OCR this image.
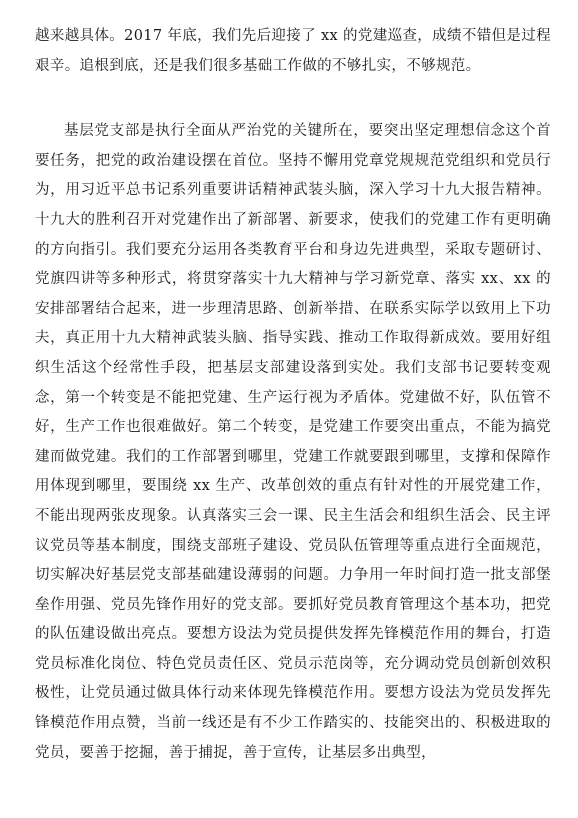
越来越具体。2017 年底，我们先后迎接了 xx 的党建巡查，成绩不错但是过程艰辛。追根到底，还是我们很多基础工作做的不够扎实，不够规范。

基层党支部是执行全面从严治党的关键所在，要突出坚定理想信念这个首要任务，把党的政治建设摆在首位。坚持不懈用党章党规规范党组织和党员行为，用习近平总书记系列重要讲话精神武装头脑，深入学习十九大报告精神。十九大的胜利召开对党建作出了新部署、新要求，使我们的党建工作有更明确的方向指引。我们要充分运用各类教育平台和身边先进典型，采取专题研讨、党旗四讲等多种形式，将贯穿落实十九大精神与学习新党章、落实 xx、xx 的安排部署结合起来，进一步理清思路、创新举措、在联系实际学以致用上下功夫，真正用十九大精神武装头脑、指导实践、推动工作取得新成效。要用好组织生活这个经常性手段，把基层支部建设落到实处。我们支部书记要转变观念，第一个转变是不能把党建、生产运行视为矛盾体。党建做不好，队伍管不好，生产工作也很难做好。第二个转变，是党建工作要突出重点，不能为搞党建而做党建。我们的工作部署到哪里，党建工作就要跟到哪里，支撑和保障作用体现到哪里，要围绕 xx 生产、改革创效的重点有针对性的开展党建工作，不能出现两张皮现象。认真落实三会一课、民主生活会和组织生活会、民主评议党员等基本制度，围绕支部班子建设、党员队伍管理等重点进行全面规范，切实解决好基层党支部基础建设薄弱的问题。力争用一年时间打造一批支部堡垒作用强、党员先锋作用好的党支部。要抓好党员教育管理这个基本功，把党的队伍建设做出亮点。要想方设法为党员提供发挥先锋模范作用的舞台，打造党员标准化岗位、特色党员责任区、党员示范岗等，充分调动党员创新创效积极性，让党员通过做具体行动来体现先锋模范作用。要想方设法为党员发挥先锋模范作用点赞，当前一线还是有不少工作踏实的、技能突出的、积极进取的党员，要善于挖掘，善于捕捉，善于宣传，让基层多出典型，
